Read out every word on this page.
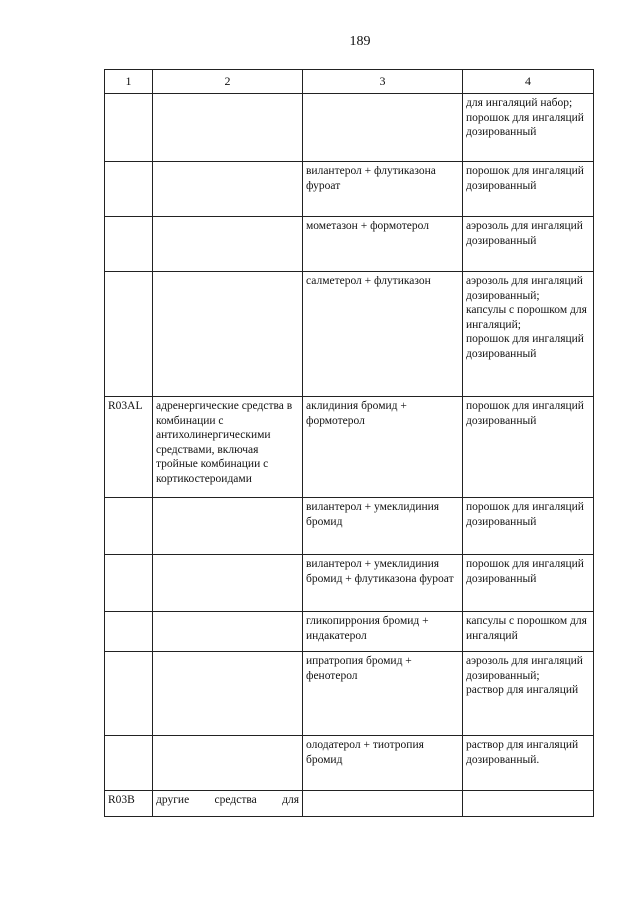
189
1	2	3	4
			для ингаляций набор;
порошок для ингаляций дозированный
		вилантерол + флутиказона фуроат	порошок для ингаляций дозированный
		мометазон + формотерол	аэрозоль для ингаляций дозированный
		салметерол + флутиказон	аэрозоль для ингаляций дозированный;
капсулы с порошком для ингаляций;
порошок для ингаляций дозированный
R03AL	адренергические средства в комбинации с антихолинергическими средствами, включая тройные комбинации с кортикостероидами	аклидиния бромид + формотерол	порошок для ингаляций дозированный
		вилантерол + умеклидиния бромид	порошок для ингаляций дозированный
		вилантерол + умеклидиния бромид + флутиказона фуроат	порошок для ингаляций дозированный
		гликопиррония бромид + индакатерол	капсулы с порошком для ингаляций
		ипратропия бромид + фенотерол	аэрозоль для ингаляций дозированный;
раствор для ингаляций
		олодатерол + тиотропия бромид	раствор для ингаляций дозированный.
R03B	другие средства для		
